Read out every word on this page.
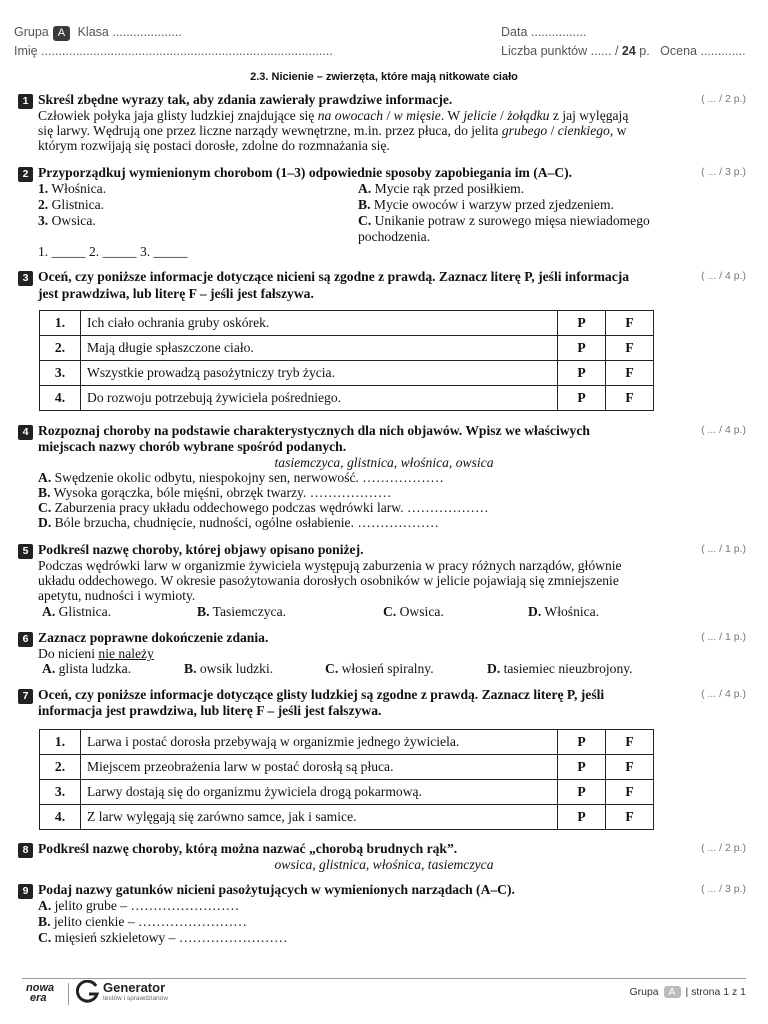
Grupa A Klasa ....................
Imię ....................................................................................
Data ................
Liczba punktów ...... / 24 p. Ocena .............
2.3. Nicienie – zwierzęta, które mają nitkowate ciało
1	( ... / 2 p.)
Skreśl zbędne wyrazy tak, aby zdania zawierały prawdziwe informacje.
Człowiek połyka jaja glisty ludzkiej znajdujące się na owocach / w mięsie. W jelicie / żołądku z jaj wylęgają
się larwy. Wędrują one przez liczne narządy wewnętrzne, m.in. przez płuca, do jelita grubego / cienkiego, w
którym rozwijają się postaci dorosłe, zdolne do rozmnażania się.
2	( ... / 3 p.)
Przyporządkuj wymienionym chorobom (1–3) odpowiednie sposoby zapobiegania im (A–C).
1. Włośnica.
2. Glistnica.
3. Owsica.
A. Mycie rąk przed posiłkiem.
B. Mycie owoców i warzyw przed zjedzeniem.
C. Unikanie potraw z surowego mięsa niewiadomego
pochodzenia.
1. _____ 2. _____ 3. _____
3	( ... / 4 p.)
Oceń, czy poniższe informacje dotyczące nicieni są zgodne z prawdą. Zaznacz literę P, jeśli informacja
jest prawdziwa, lub literę F – jeśli jest fałszywa.
1.	Ich ciało ochrania gruby oskórek.	P	F
2.	Mają długie spłaszczone ciało.	P	F
3.	Wszystkie prowadzą pasożytniczy tryb życia.	P	F
4.	Do rozwoju potrzebują żywiciela pośredniego.	P	F
4	( ... / 4 p.)
Rozpoznaj choroby na podstawie charakterystycznych dla nich objawów. Wpisz we właściwych
miejscach nazwy chorób wybrane spośród podanych.
tasiemczyca, glistnica, włośnica, owsica
A. Swędzenie okolic odbytu, niespokojny sen, nerwowość. ………………
B. Wysoka gorączka, bóle mięśni, obrzęk twarzy. ………………
C. Zaburzenia pracy układu oddechowego podczas wędrówki larw. ………………
D. Bóle brzucha, chudnięcie, nudności, ogólne osłabienie. ………………
5	( ... / 1 p.)
Podkreśl nazwę choroby, której objawy opisano poniżej.
Podczas wędrówki larw w organizmie żywiciela występują zaburzenia w pracy różnych narządów, głównie
układu oddechowego. W okresie pasożytowania dorosłych osobników w jelicie pojawiają się zmniejszenie
apetytu, nudności i wymioty.
A. Glistnica.	B. Tasiemczyca.	C. Owsica.	D. Włośnica.
6	( ... / 1 p.)
Zaznacz poprawne dokończenie zdania.
Do nicieni nie należy
A. glista ludzka.	B. owsik ludzki.	C. włosień spiralny.	D. tasiemiec nieuzbrojony.
7	( ... / 4 p.)
Oceń, czy poniższe informacje dotyczące glisty ludzkiej są zgodne z prawdą. Zaznacz literę P, jeśli
informacja jest prawdziwa, lub literę F – jeśli jest fałszywa.
1.	Larwa i postać dorosła przebywają w organizmie jednego żywiciela.	P	F
2.	Miejscem przeobrażenia larw w postać dorosłą są płuca.	P	F
3.	Larwy dostają się do organizmu żywiciela drogą pokarmową.	P	F
4.	Z larw wylęgają się zarówno samce, jak i samice.	P	F
8	( ... / 2 p.)
Podkreśl nazwę choroby, którą można nazwać „chorobą brudnych rąk”.
owsica, glistnica, włośnica, tasiemczyca
9	( ... / 3 p.)
Podaj nazwy gatunków nicieni pasożytujących w wymienionych narządach (A–C).
A. jelito grube – ……………………
B. jelito cienkie – ……………………
C. mięsień szkieletowy – ……………………
nowa
era
Generator
testów i sprawdzianów
Grupa A | strona 1 z 1
